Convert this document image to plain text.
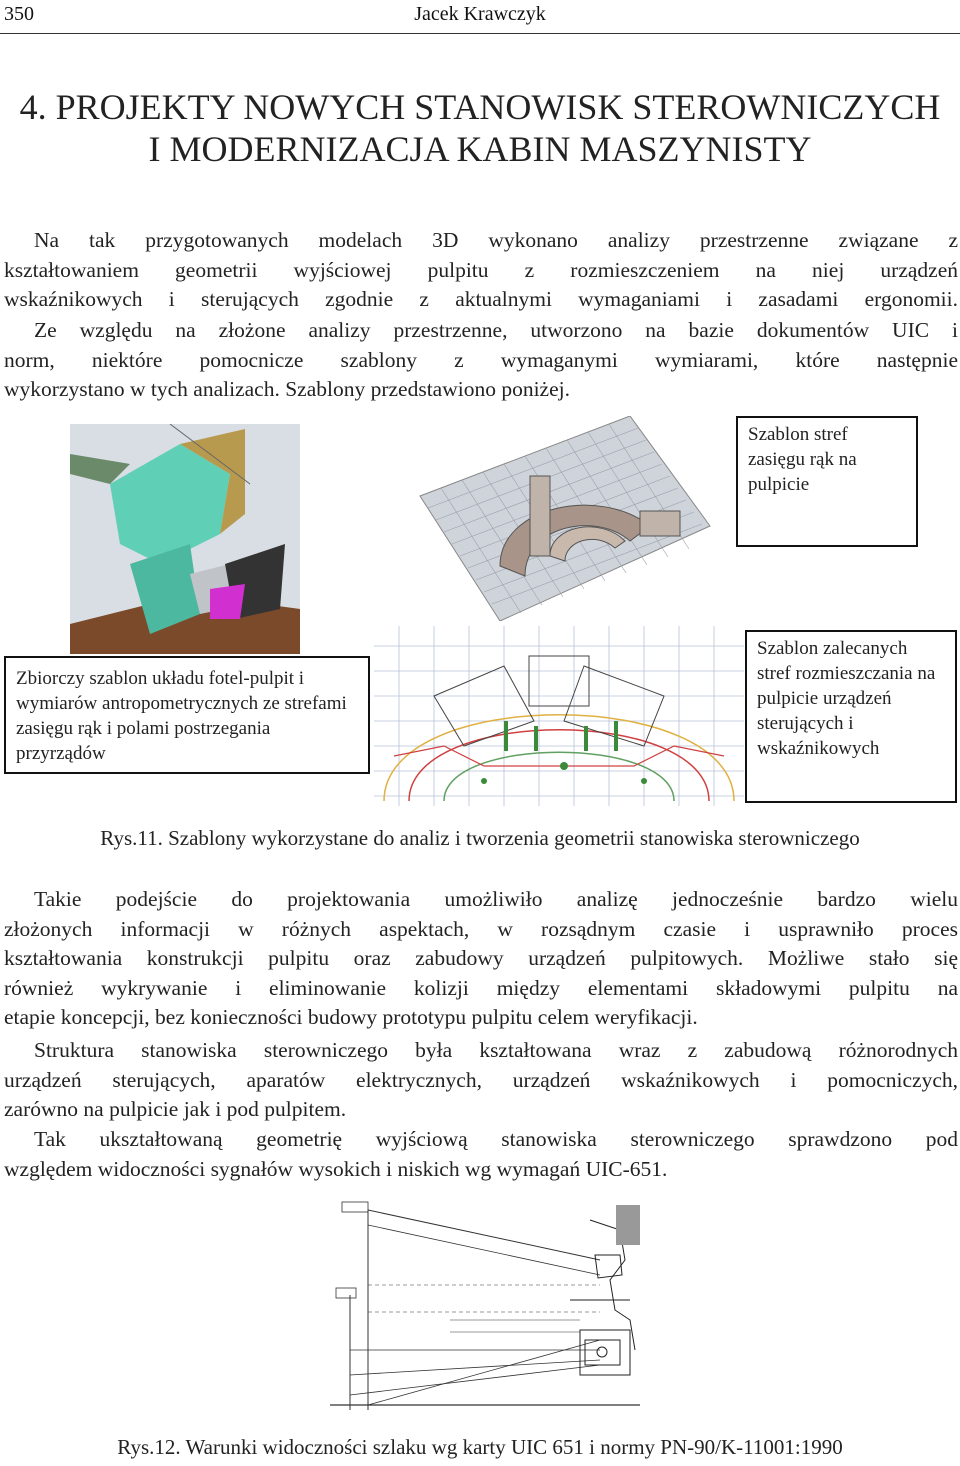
350	Jacek Krawczyk
4. PROJEKTY NOWYCH STANOWISK STEROWNICZYCH
I MODERNIZACJA KABIN MASZYNISTY
Na tak przygotowanych modelach 3D wykonano analizy przestrzenne związane z
kształtowaniem geometrii wyjściowej pulpitu z rozmieszczeniem na niej urządzeń
wskaźnikowych i sterujących zgodnie z aktualnymi wymaganiami i zasadami ergonomii.
Ze względu na złożone analizy przestrzenne, utworzono na bazie dokumentów UIC i
norm, niektóre pomocnicze szablony z wymaganymi wymiarami, które następnie
wykorzystano w tych analizach. Szablony przedstawiono poniżej.
Szablon stref zasięgu rąk na pulpicie
Zbiorczy szablon układu fotel-pulpit i wymiarów antropometrycznych ze strefami zasięgu rąk i polami postrzegania przyrządów
Szablon zalecanych stref rozmieszczania na pulpicie urządzeń sterujących i wskaźnikowych
Rys.11. Szablony wykorzystane do analiz i tworzenia geometrii stanowiska sterowniczego
Takie podejście do projektowania umożliwiło analizę jednocześnie bardzo wielu
złożonych informacji w różnych aspektach, w rozsądnym czasie i usprawniło proces
kształtowania konstrukcji pulpitu oraz zabudowy urządzeń pulpitowych. Możliwe stało się
również wykrywanie i eliminowanie kolizji między elementami składowymi pulpitu na
etapie koncepcji, bez konieczności budowy prototypu pulpitu celem weryfikacji.
Struktura stanowiska sterowniczego była kształtowana wraz z zabudową różnorodnych
urządzeń sterujących, aparatów elektrycznych, urządzeń wskaźnikowych i pomocniczych,
zarówno na pulpicie jak i pod pulpitem.
Tak ukształtowaną geometrię wyjściową stanowiska sterowniczego sprawdzono pod
względem widoczności sygnałów wysokich i niskich wg wymagań UIC-651.
Rys.12. Warunki widoczności szlaku wg karty UIC 651 i normy PN-90/K-11001:1990
